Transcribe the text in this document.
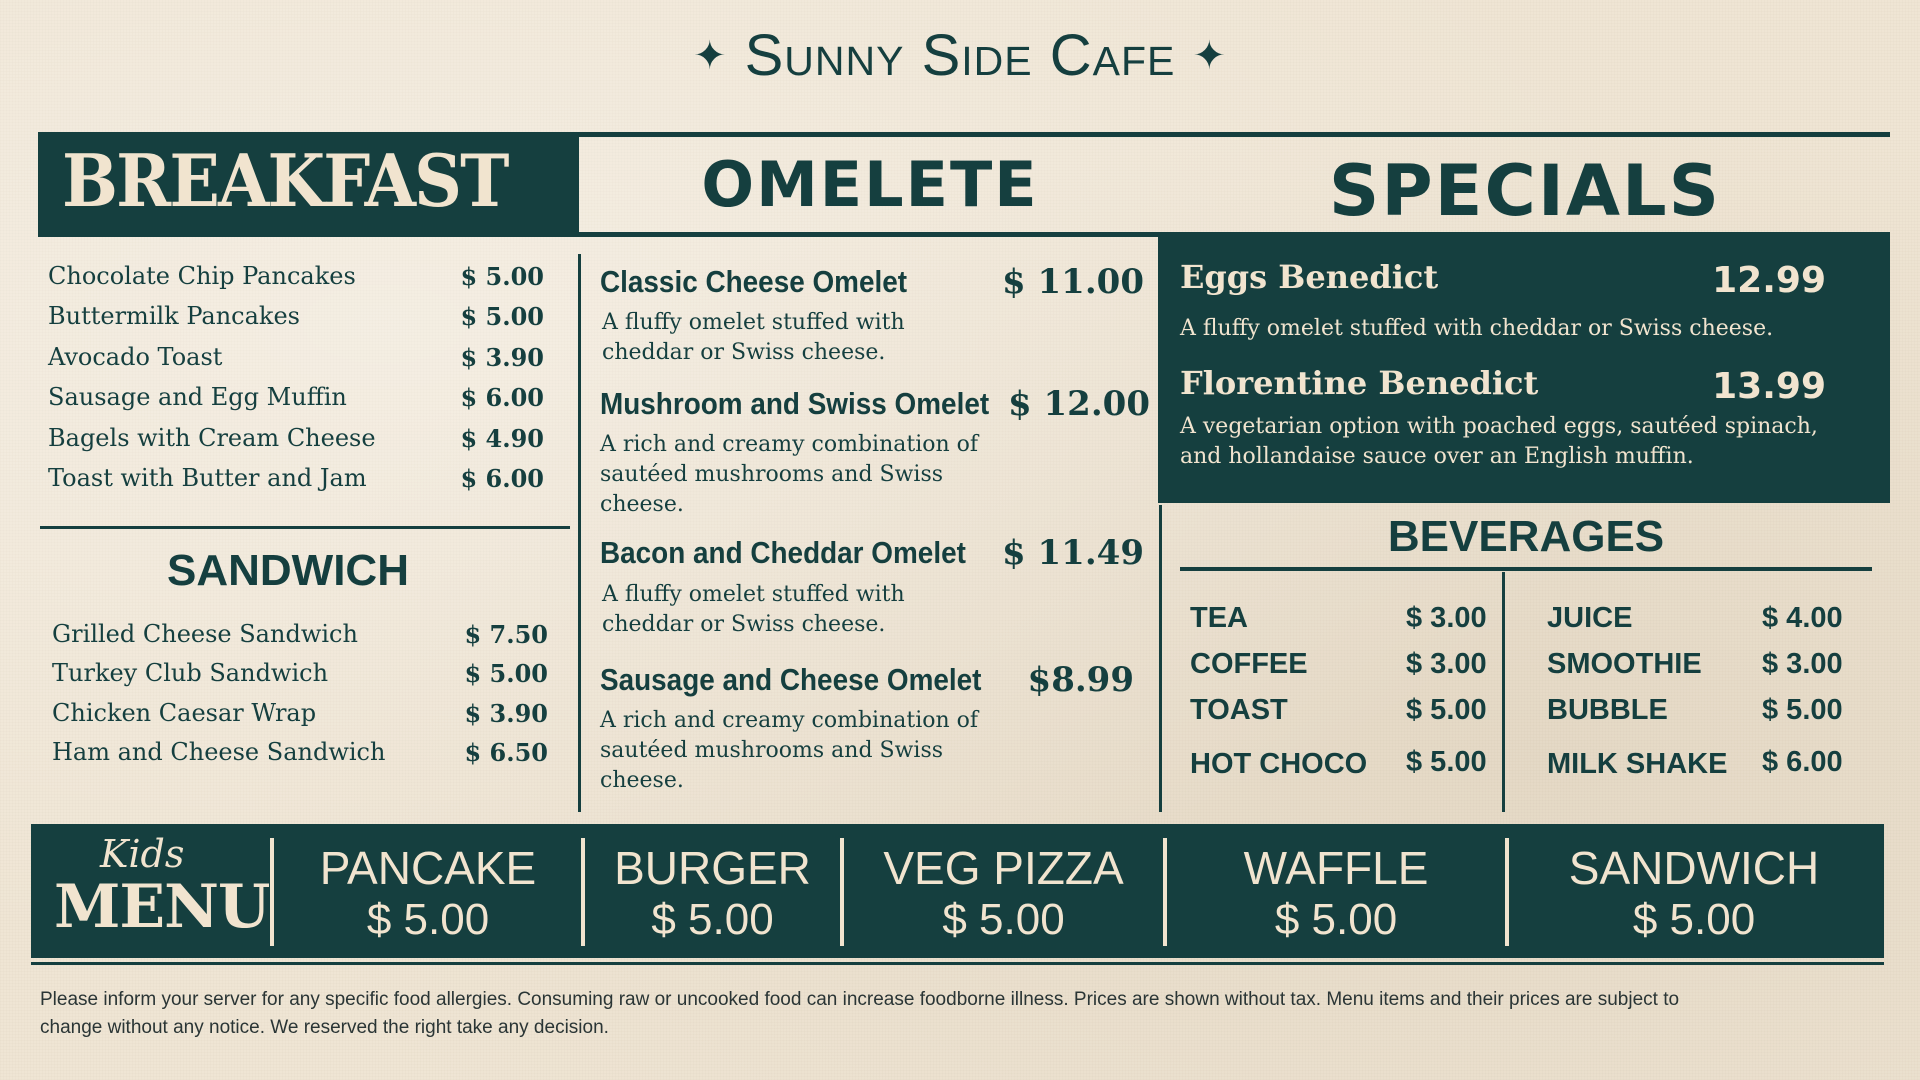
✦ Sunny Side Cafe ✦
BREAKFAST	OMELETE	SPECIALS
Chocolate Chip Pancakes	$ 5.00
Buttermilk Pancakes	$ 5.00
Avocado Toast	$ 3.90
Sausage and Egg Muffin	$ 6.00
Bagels with Cream Cheese	$ 4.90
Toast with Butter and Jam	$ 6.00
SANDWICH
Grilled Cheese Sandwich	$ 7.50
Turkey Club Sandwich	$ 5.00
Chicken Caesar Wrap	$ 3.90
Ham and Cheese Sandwich	$ 6.50
Classic Cheese Omelet	$ 11.00
A fluffy omelet stuffed with cheddar or Swiss cheese.
Mushroom and Swiss Omelet $ 12.00
A rich and creamy combination of sautéed mushrooms and Swiss cheese.
Bacon and Cheddar Omelet $ 11.49
A fluffy omelet stuffed with cheddar or Swiss cheese.
Sausage and Cheese Omelet $8.99
A rich and creamy combination of sautéed mushrooms and Swiss cheese.
Eggs Benedict	12.99
A fluffy omelet stuffed with cheddar or Swiss cheese.
Florentine Benedict	13.99
A vegetarian option with poached eggs, sautéed spinach, and hollandaise sauce over an English muffin.
BEVERAGES
TEA	$ 3.00
COFFEE	$ 3.00
TOAST	$ 5.00
HOT CHOCO $ 5.00
JUICE	$ 4.00
SMOOTHIE $ 3.00
BUBBLE	$ 5.00
MILK SHAKE $ 6.00
Kids
MENU
PANCAKE
$ 5.00
BURGER
$ 5.00
VEG PIZZA
$ 5.00
WAFFLE
$ 5.00
SANDWICH
$ 5.00
Please inform your server for any specific food allergies. Consuming raw or uncooked food can increase foodborne illness. Prices are shown without tax. Menu items and their prices are subject to change without any notice. We reserved the right take any decision.
